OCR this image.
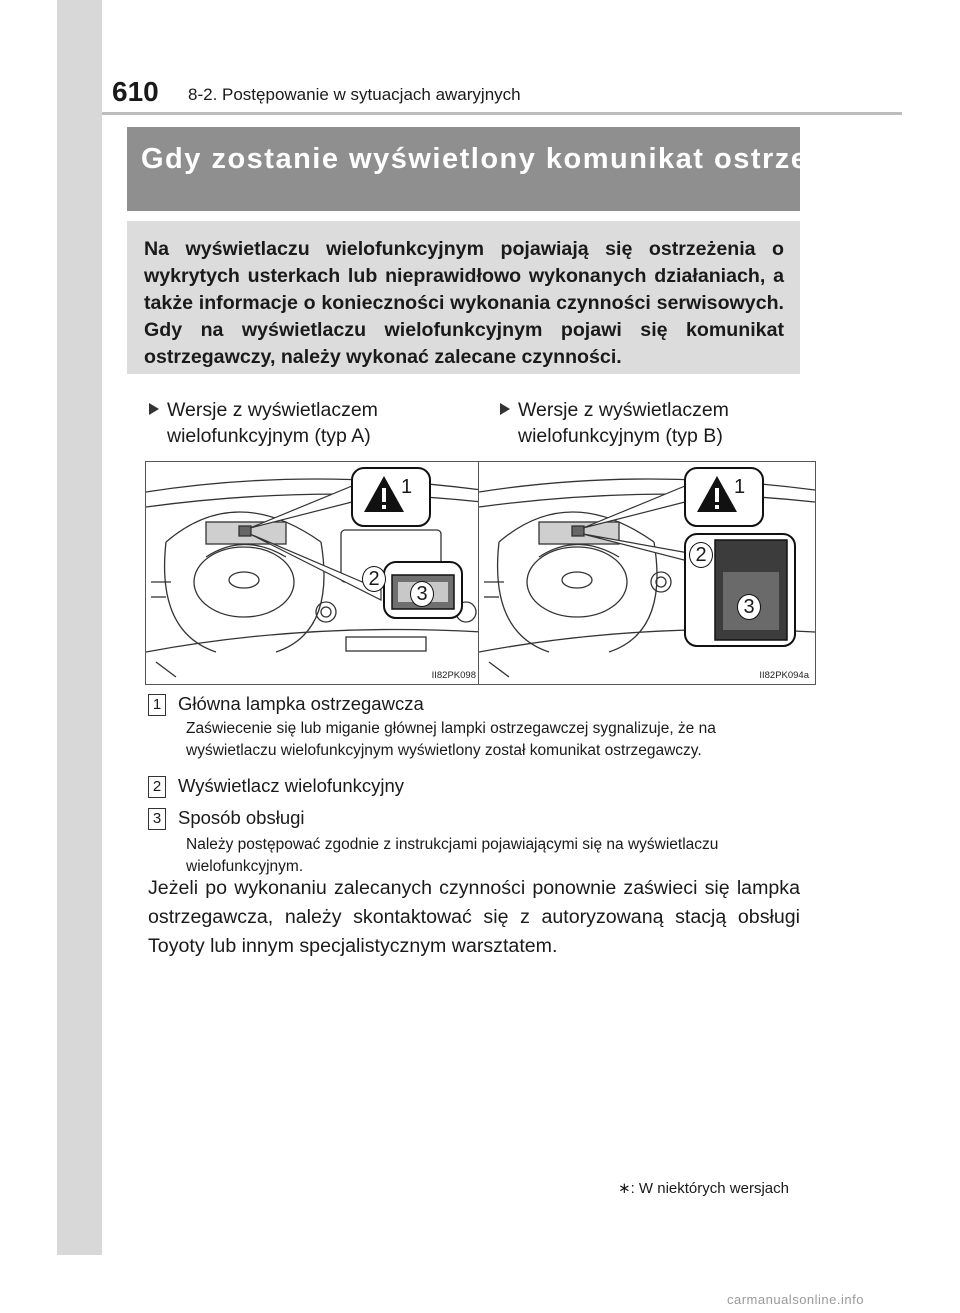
610 8-2. Postępowanie w sytuacjach awaryjnych
Gdy zostanie wyświetlony komunikat ostrzegawczy ∗
Na wyświetlaczu wielofunkcyjnym pojawiają się ostrzeżenia o wykrytych usterkach lub nieprawidłowo wykonanych działaniach, a także informacje o konieczności wykonania czynności serwisowych. Gdy na wyświetlaczu wielofunkcyjnym pojawi się komunikat ostrzegawczy, należy wykonać zalecane czynności.
Wersje z wyświetlaczem
wielofunkcyjnym (typ A)
Wersje z wyświetlaczem
wielofunkcyjnym (typ B)
1
2
3
II82PK098
1
2
3
II82PK094a
1 Główna lampka ostrzegawcza
Zaświecenie się lub miganie głównej lampki ostrzegawczej sygnalizuje, że na wyświetlaczu wielofunkcyjnym wyświetlony został komunikat ostrzegawczy.
2 Wyświetlacz wielofunkcyjny
3 Sposób obsługi
Należy postępować zgodnie z instrukcjami pojawiającymi się na wyświetlaczu wielofunkcyjnym.
Jeżeli po wykonaniu zalecanych czynności ponownie zaświeci się lampka ostrzegawcza, należy skontaktować się z autoryzowaną stacją obsługi Toyoty lub innym specjalistycznym warsztatem.
∗: W niektórych wersjach
carmanualsonline.info
